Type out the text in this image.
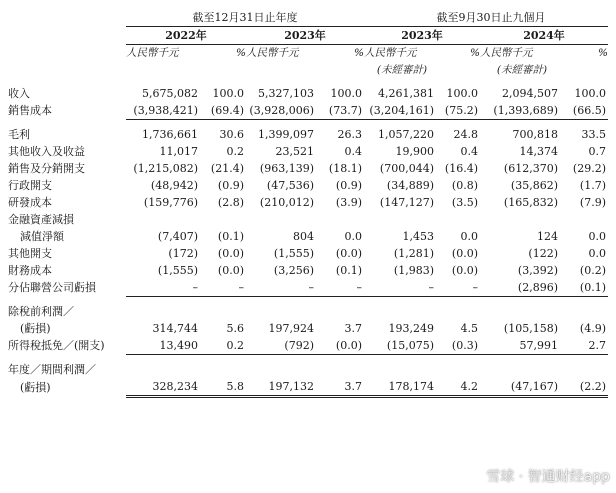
	截至12月31日止年度				截至9月30日止九個月			
	2022年		2023年		2023年		2024年	
	人民幣千元	%	人民幣千元	%	人民幣千元	%	人民幣千元	%
					(未經審計)		(未經審計)	

收入	5,675,082	100.0	5,327,103	100.0	4,261,381	100.0	2,094,507	100.0
銷售成本	(3,938,421)	(69.4)	(3,928,006)	(73.7)	(3,204,161)	(75.2)	(1,393,689)	(66.5)

毛利	1,736,661	30.6	1,399,097	26.3	1,057,220	24.8	700,818	33.5
其他收入及收益	11,017	0.2	23,521	0.4	19,900	0.4	14,374	0.7
銷售及分銷開支	(1,215,082)	(21.4)	(963,139)	(18.1)	(700,044)	(16.4)	(612,370)	(29.2)
行政開支	(48,942)	(0.9)	(47,536)	(0.9)	(34,889)	(0.8)	(35,862)	(1.7)
研發成本	(159,776)	(2.8)	(210,012)	(3.9)	(147,127)	(3.5)	(165,832)	(7.9)
金融資產減損								
減值淨額	(7,407)	(0.1)	804	0.0	1,453	0.0	124	0.0
其他開支	(172)	(0.0)	(1,555)	(0.0)	(1,281)	(0.0)	(122)	0.0
財務成本	(1,555)	(0.0)	(3,256)	(0.1)	(1,983)	(0.0)	(3,392)	(0.2)
分佔聯營公司虧損	–	–	–	–	–	–	(2,896)	(0.1)

除稅前利潤／								
(虧損)	314,744	5.6	197,924	3.7	193,249	4.5	(105,158)	(4.9)
所得稅抵免／(開支)	13,490	0.2	(792)	(0.0)	(15,075)	(0.3)	57,991	2.7

年度／期間利潤／								
(虧損)	328,234	5.8	197,132	3.7	178,174	4.2	(47,167)	(2.2)
雪球 · 智通财经app
